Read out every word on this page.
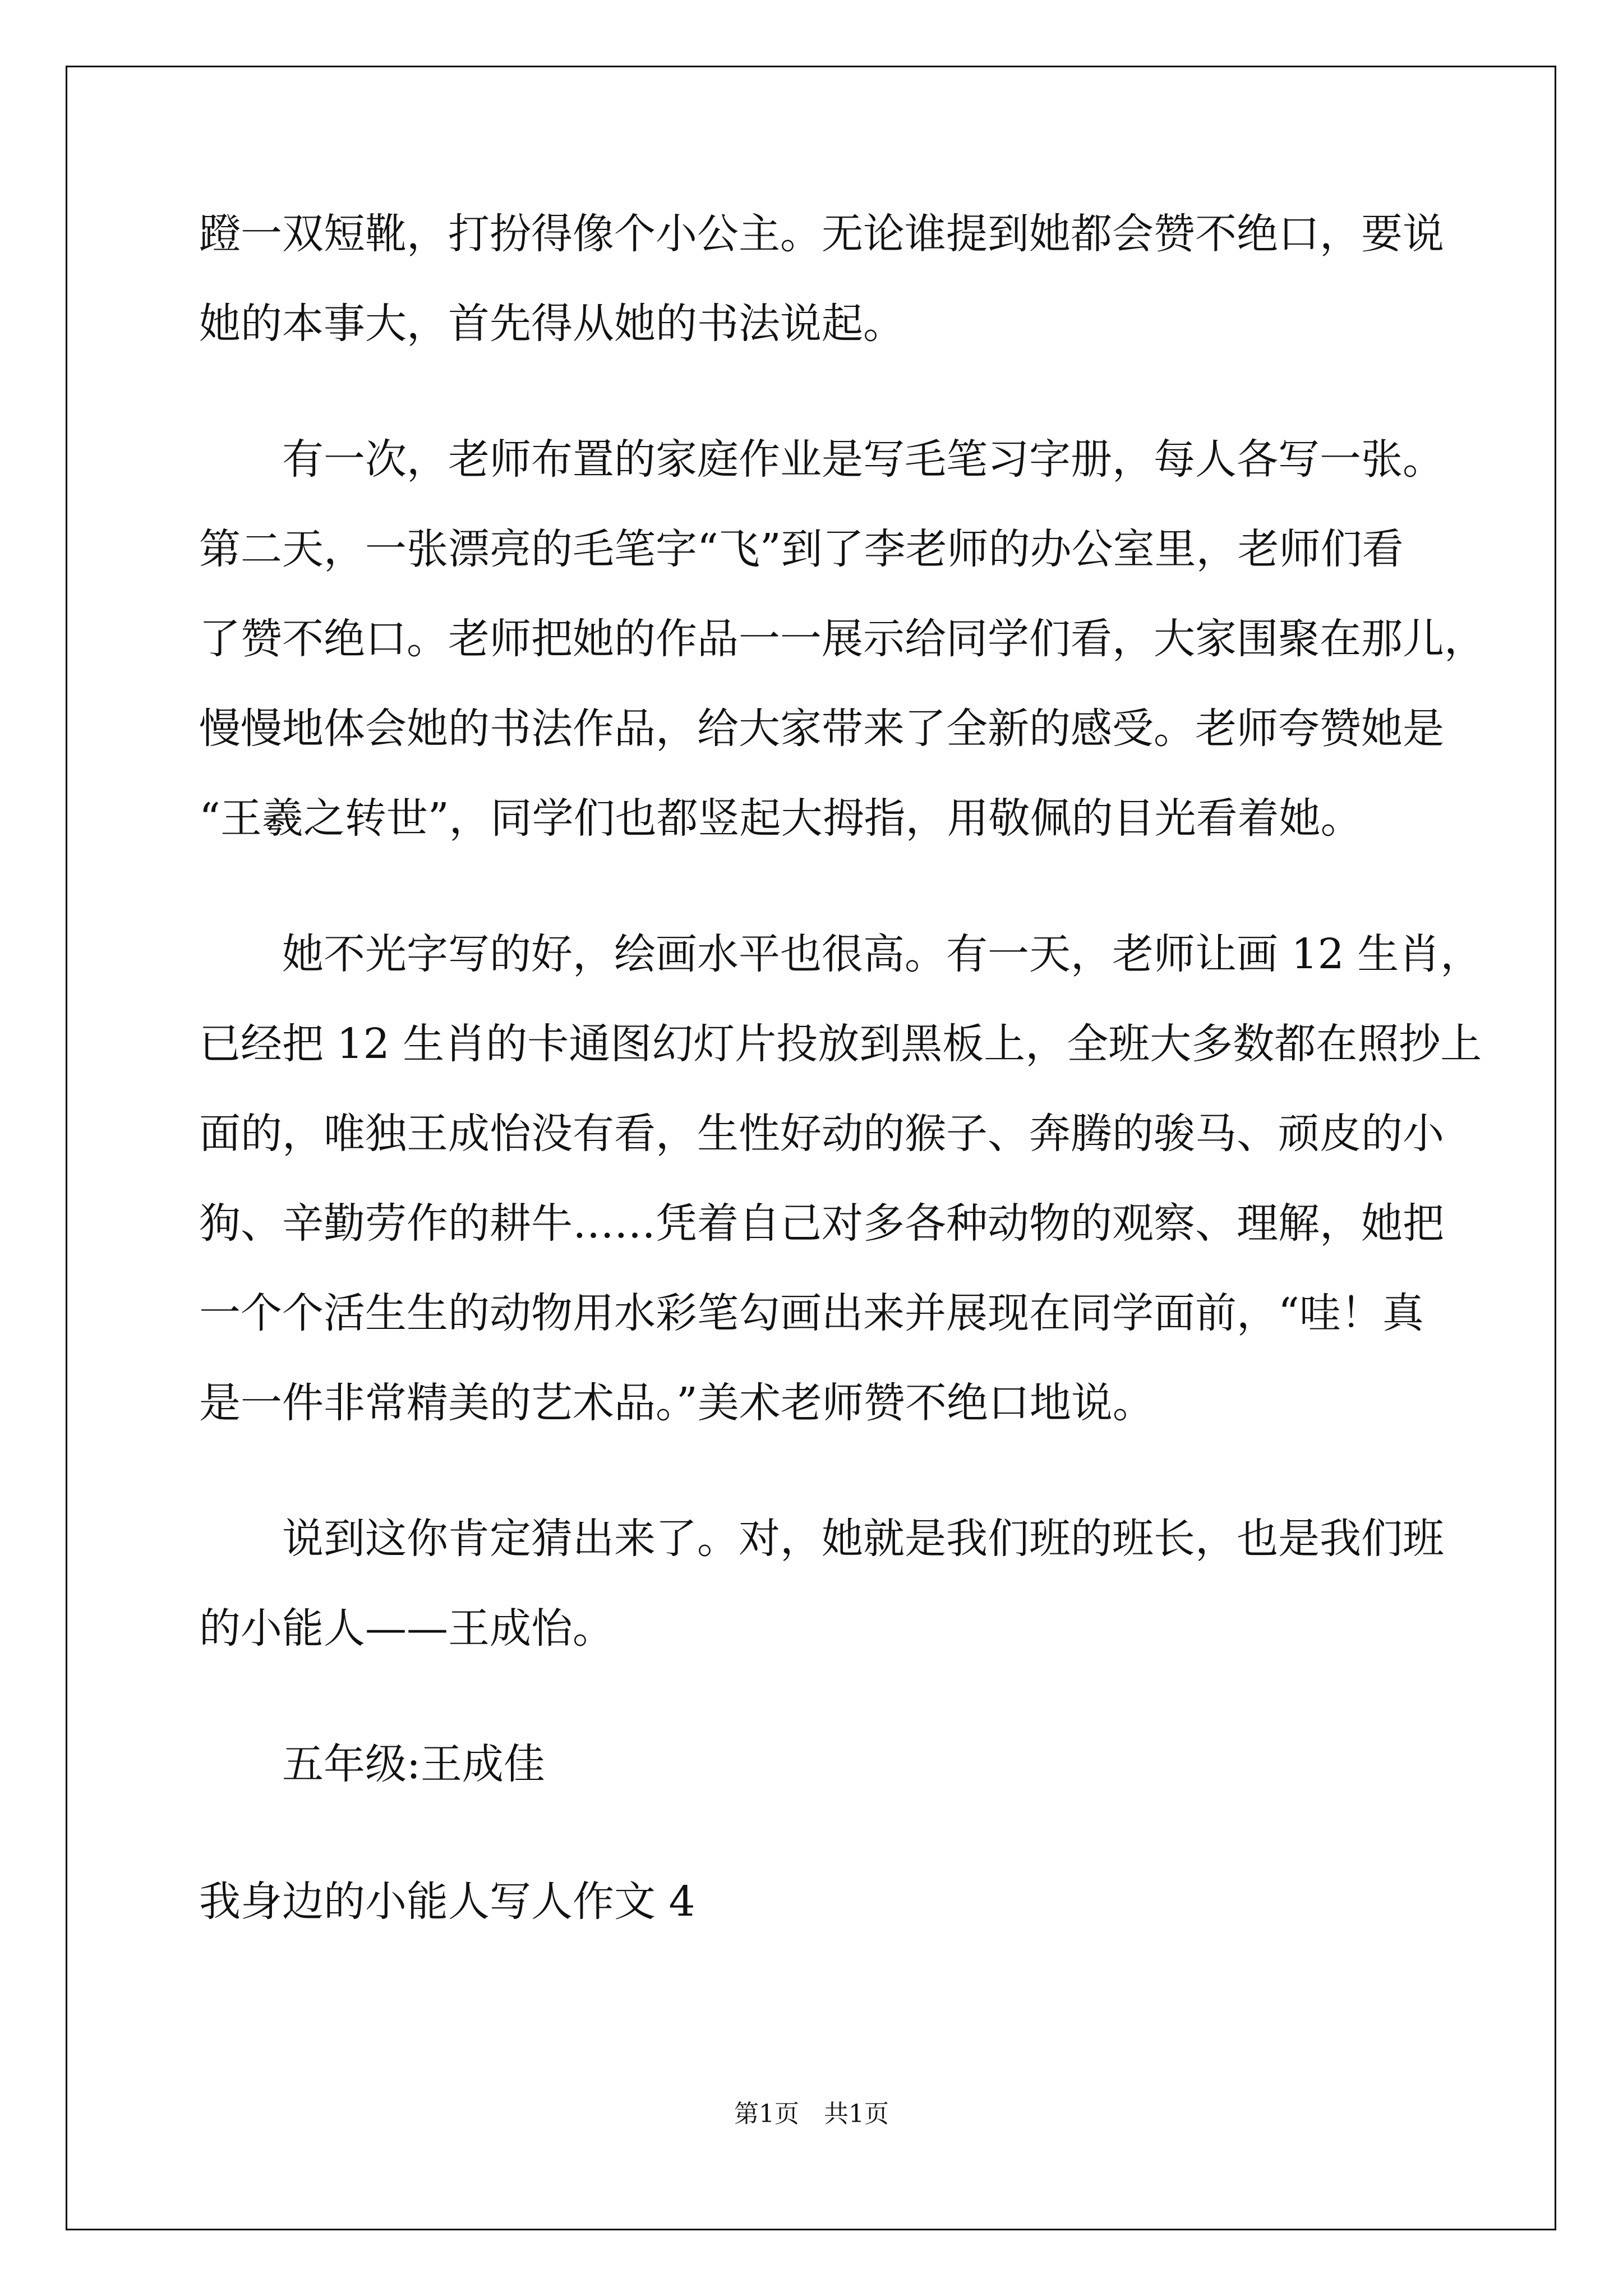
蹬一双短靴，打扮得像个小公主。无论谁提到她都会赞不绝口，要说
她的本事大，首先得从她的书法说起。
有一次，老师布置的家庭作业是写毛笔习字册，每人各写一张。
第二天，一张漂亮的毛笔字“飞”到了李老师的办公室里，老师们看
了赞不绝口。老师把她的作品一一展示给同学们看，大家围聚在那儿，
慢慢地体会她的书法作品，给大家带来了全新的感受。老师夸赞她是
“王羲之转世”，同学们也都竖起大拇指，用敬佩的目光看着她。
她不光字写的好，绘画水平也很高。有一天，老师让画 12 生肖，
已经把 12 生肖的卡通图幻灯片投放到黑板上，全班大多数都在照抄上
面的，唯独王成怡没有看，生性好动的猴子、奔腾的骏马、顽皮的小
狗、辛勤劳作的耕牛……凭着自己对多各种动物的观察、理解，她把
一个个活生生的动物用水彩笔勾画出来并展现在同学面前，“哇！真
是一件非常精美的艺术品。”美术老师赞不绝口地说。
说到这你肯定猜出来了。对，她就是我们班的班长，也是我们班
的小能人——王成怡。
五年级:王成佳
我身边的小能人写人作文 4
第1页　共1页
